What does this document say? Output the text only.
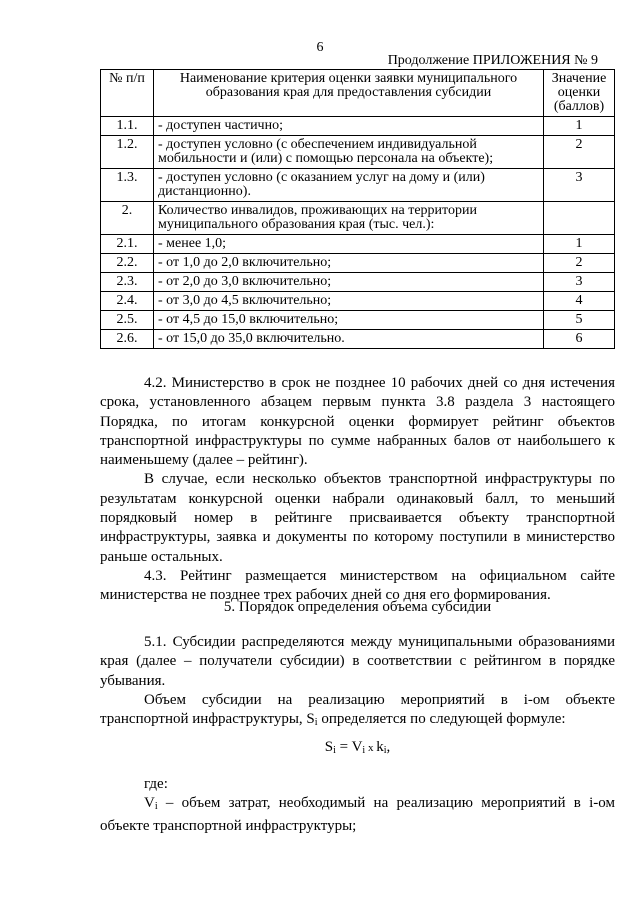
6
Продолжение ПРИЛОЖЕНИЯ № 9
№ п/п	Наименование критерия оценки заявки муниципального образования края для предоставления субсидии	Значение оценки (баллов)
1.1.	- доступен частично;	1
1.2.	- доступен условно (с обеспечением индивидуальной мобильности и (или) с помощью персонала на объекте);	2
1.3.	- доступен условно (с оказанием услуг на дому и (или) дистанционно).	3
2.	Количество инвалидов, проживающих на территории муниципального образования края (тыс. чел.):	
2.1.	- менее 1,0;	1
2.2.	- от 1,0 до 2,0 включительно;	2
2.3.	- от 2,0 до 3,0 включительно;	3
2.4.	- от 3,0 до 4,5 включительно;	4
2.5.	- от 4,5 до 15,0 включительно;	5
2.6.	- от 15,0 до 35,0 включительно.	6

4.2. Министерство в срок не позднее 10 рабочих дней со дня истечения срока, установленного абзацем первым пункта 3.8 раздела 3 настоящего Порядка, по итогам конкурсной оценки формирует рейтинг объектов транспортной инфраструктуры по сумме набранных балов от наибольшего к наименьшему (далее – рейтинг).

В случае, если несколько объектов транспортной инфраструктуры по результатам конкурсной оценки набрали одинаковый балл, то меньший порядковый номер в рейтинге присваивается объекту транспортной инфраструктуры, заявка и документы по которому поступили в министерство раньше остальных.

4.3. Рейтинг размещается министерством на официальном сайте министерства не позднее трех рабочих дней со дня его формирования.

5. Порядок определения объема субсидии

5.1. Субсидии распределяются между муниципальными образованиями края (далее – получатели субсидии) в соответствии с рейтингом в порядке убывания.

Объем субсидии на реализацию мероприятий в i-ом объекте транспортной инфраструктуры, $S_i$ определяется по следующей формуле:

$S_i = V_i$ x $k_i$,

где:

$V_i$ – объем затрат, необходимый на реализацию мероприятий в i-ом объекте транспортной инфраструктуры;
